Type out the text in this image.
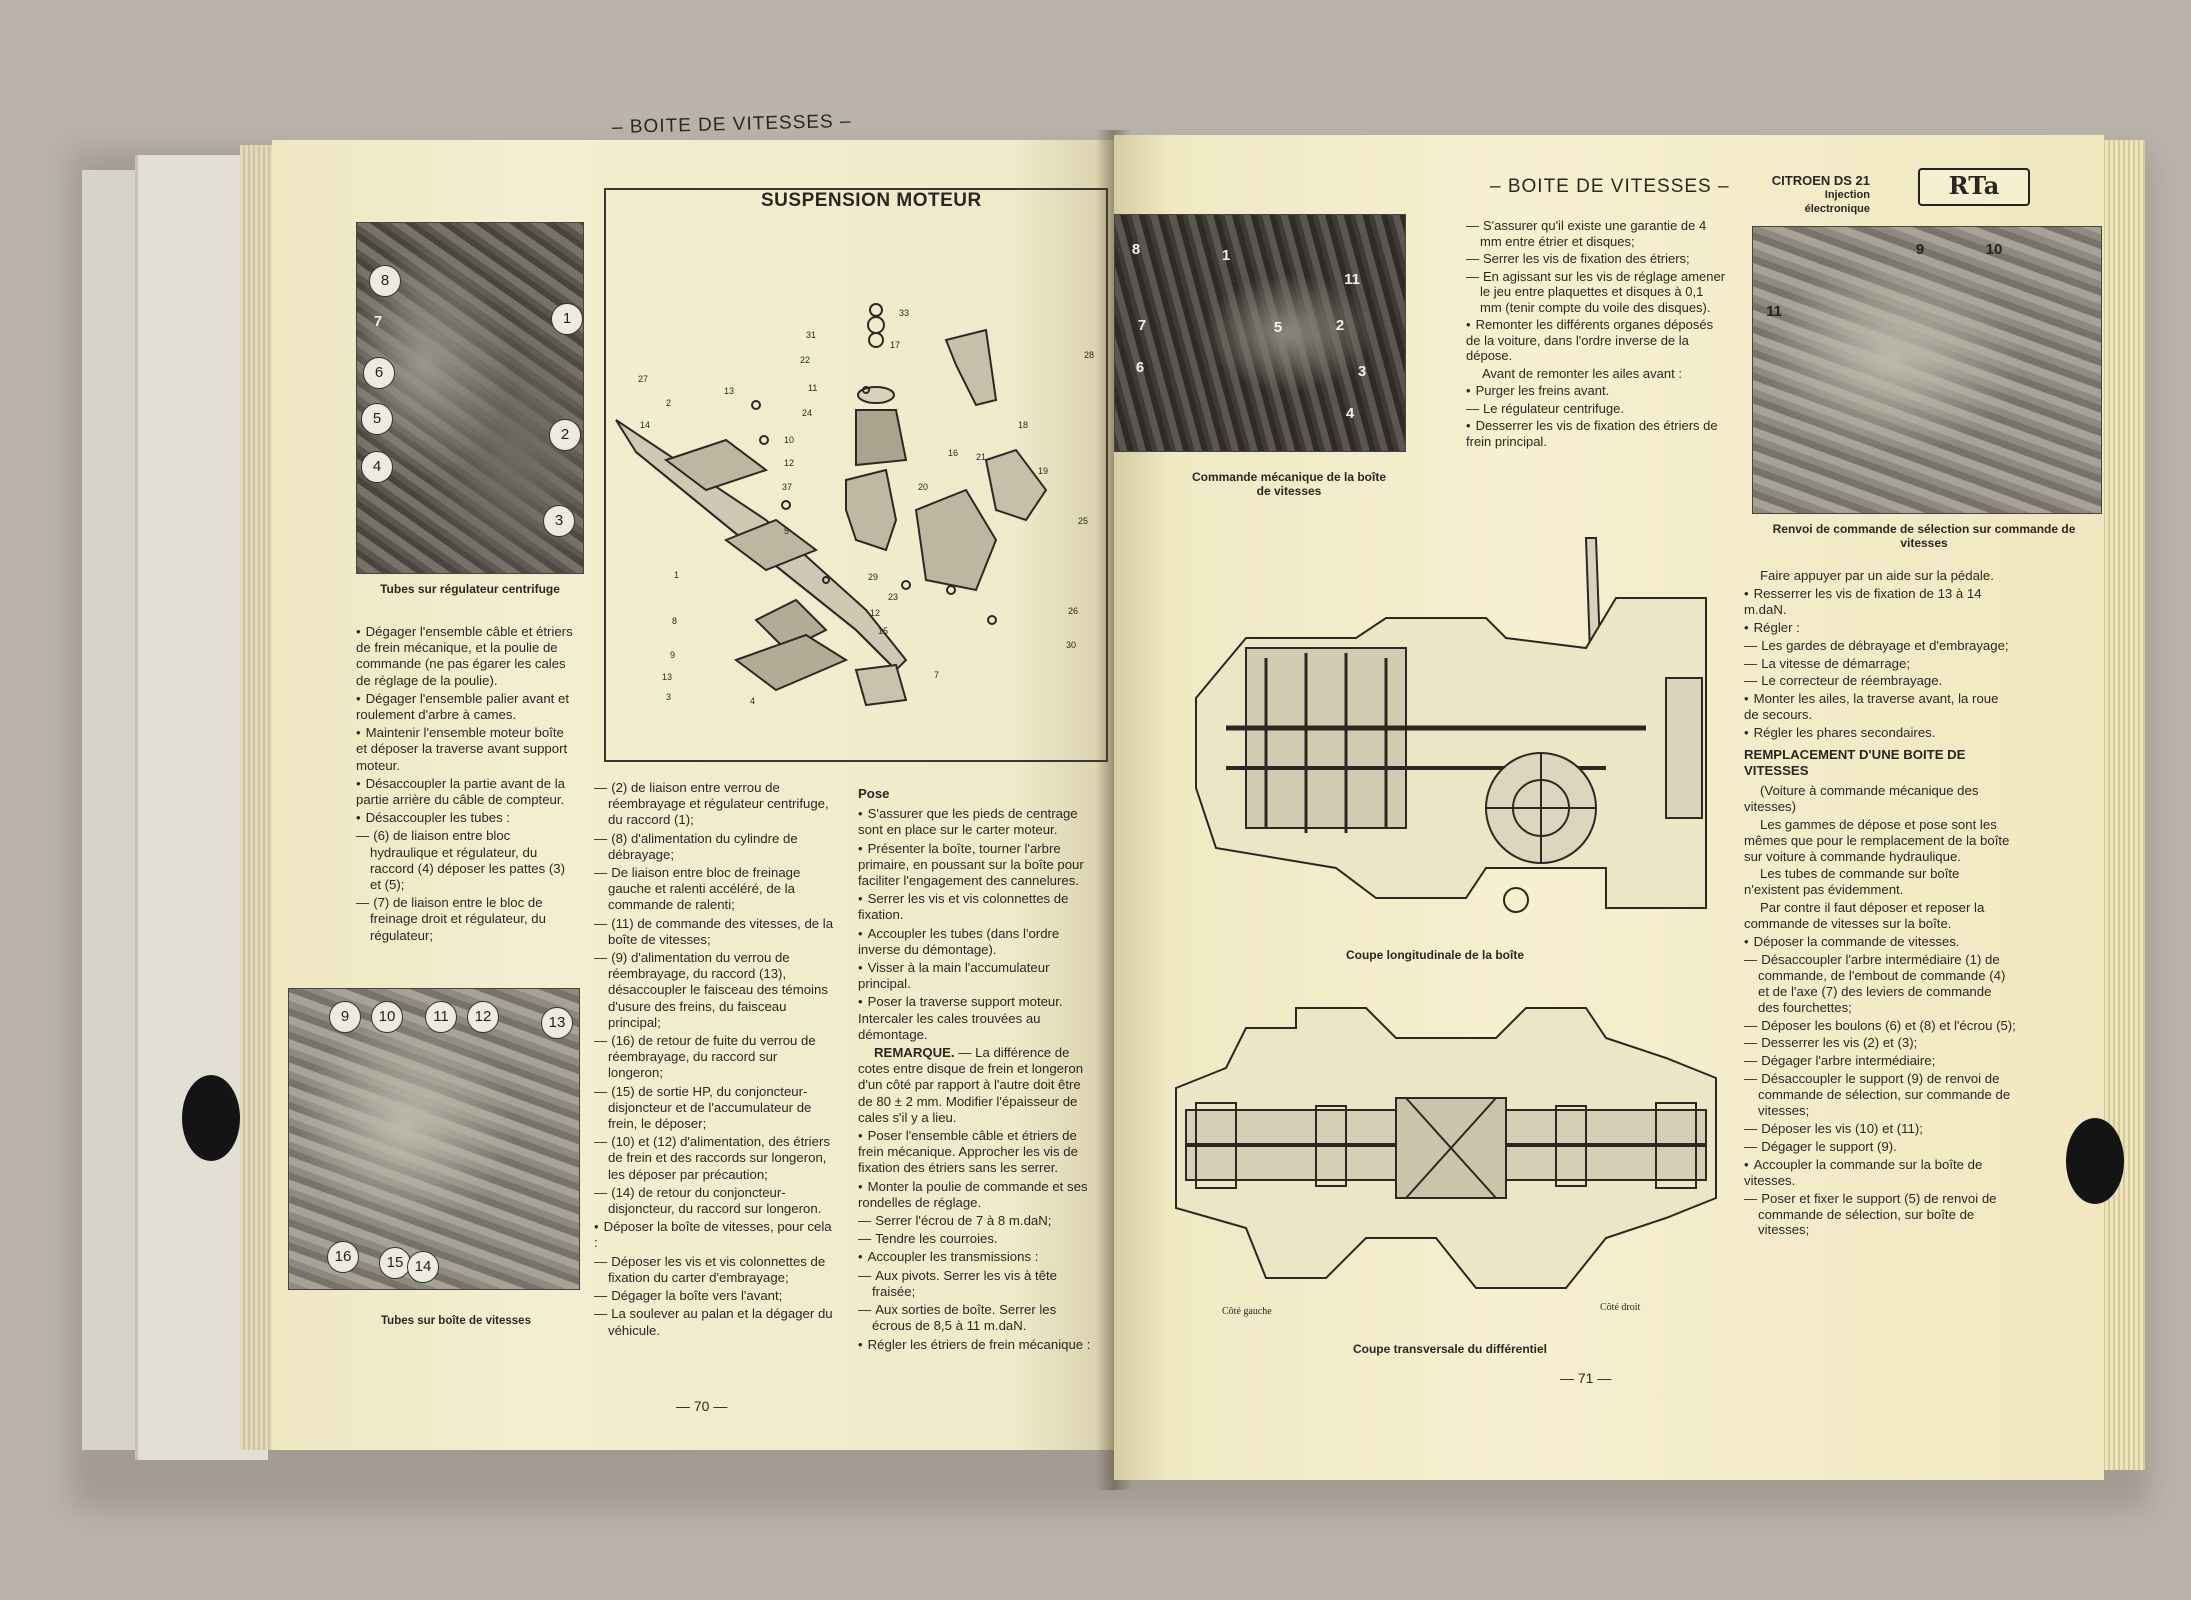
– BOITE DE VITESSES –
8
7
6
5
4
1
2
3
Tubes sur régulateur centrifuge
SUSPENSION MOTEUR
33
17
31
22
11
24
10
12
13
27
14
37
16
19
18
20
21
2
5
1
8
9
13
3	4
12
15
7
29
23
25
28
30
26

• Dégager l'ensemble câble et étriers de frein mécanique, et la poulie de commande (ne pas égarer les cales de réglage de la poulie).

• Dégager l'ensemble palier avant et roulement d'arbre à cames.

• Maintenir l'ensemble moteur boîte et déposer la traverse avant support moteur.

• Désaccoupler la partie avant de la partie arrière du câble de compteur.

• Désaccoupler les tubes :

— (6) de liaison entre bloc hydraulique et régulateur, du raccord (4) déposer les pattes (3) et (5);

— (7) de liaison entre le bloc de freinage droit et régulateur, du régulateur;

9	10	11	12	13
16	15 14
Tubes sur boîte de vitesses

— (2) de liaison entre verrou de réembrayage et régulateur centrifuge, du raccord (1);

— (8) d'alimentation du cylindre de débrayage;

— De liaison entre bloc de freinage gauche et ralenti accéléré, de la commande de ralenti;

— (11) de commande des vitesses, de la boîte de vitesses;

— (9) d'alimentation du verrou de réembrayage, du raccord (13), désaccoupler le faisceau des témoins d'usure des freins, du faisceau principal;

— (16) de retour de fuite du verrou de réembrayage, du raccord sur longeron;

— (15) de sortie HP, du conjoncteur-disjoncteur et de l'accumulateur de frein, le déposer;

— (10) et (12) d'alimentation, des étriers de frein et des raccords sur longeron, les déposer par précaution;

— (14) de retour du conjoncteur-disjoncteur, du raccord sur longeron.

• Déposer la boîte de vitesses, pour cela :

— Déposer les vis et vis colonnettes de fixation du carter d'embrayage;

— Dégager la boîte vers l'avant;

— La soulever au palan et la dégager du véhicule.

Pose

• S'assurer que les pieds de centrage sont en place sur le carter moteur.

• Présenter la boîte, tourner l'arbre primaire, en poussant sur la boîte pour faciliter l'engagement des cannelures.

• Serrer les vis et vis colonnettes de fixation.

• Accoupler les tubes (dans l'ordre inverse du démontage).

• Visser à la main l'accumulateur principal.

• Poser la traverse support moteur. Intercaler les cales trouvées au démontage.

REMARQUE. — La différence de cotes entre disque de frein et longeron d'un côté par rapport à l'autre doit être de 80 ± 2 mm. Modifier l'épaisseur de cales s'il y a lieu.

• Poser l'ensemble câble et étriers de frein mécanique. Approcher les vis de fixation des étriers sans les serrer.

• Monter la poulie de commande et ses rondelles de réglage.

— Serrer l'écrou de 7 à 8 m.daN;

— Tendre les courroies.

• Accoupler les transmissions :

— Aux pivots. Serrer les vis à tête fraisée;

— Aux sorties de boîte. Serrer les écrous de 8,5 à 11 m.daN.

• Régler les étriers de frein mécanique :

— 70 —
– BOITE DE VITESSES –	CITROEN DS 21
Injection électronique
RTa
8	1
7
6
5
11
2
3
4
Commande mécanique de la boîte de vitesses

— S'assurer qu'il existe une garantie de 4 mm entre étrier et disques;

— Serrer les vis de fixation des étriers;

— En agissant sur les vis de réglage amener le jeu entre plaquettes et disques à 0,1 mm (tenir compte du voile des disques).

• Remonter les différents organes déposés de la voiture, dans l'ordre inverse de la dépose.

Avant de remonter les ailes avant :

• Purger les freins avant.

— Le régulateur centrifuge.

• Desserrer les vis de fixation des étriers de frein principal.

9	10
11
Renvoi de commande de sélection sur commande de vitesses
Coupe longitudinale de la boîte
Côté gauche	Côté droit
Coupe transversale du différentiel

Faire appuyer par un aide sur la pédale.

• Resserrer les vis de fixation de 13 à 14 m.daN.

• Régler :

— Les gardes de débrayage et d'embrayage;

— La vitesse de démarrage;

— Le correcteur de réembrayage.

• Monter les ailes, la traverse avant, la roue de secours.

• Régler les phares secondaires.

REMPLACEMENT D'UNE BOITE DE VITESSES

(Voiture à commande mécanique des vitesses)

Les gammes de dépose et pose sont les mêmes que pour le remplacement de la boîte sur voiture à commande hydraulique.

Les tubes de commande sur boîte n'existent pas évidemment.

Par contre il faut déposer et reposer la commande de vitesses sur la boîte.

• Déposer la commande de vitesses.

— Désaccoupler l'arbre intermédiaire (1) de commande, de l'embout de commande (4) et de l'axe (7) des leviers de commande des fourchettes;

— Déposer les boulons (6) et (8) et l'écrou (5);

— Desserrer les vis (2) et (3);

— Dégager l'arbre intermédiaire;

— Désaccoupler le support (9) de renvoi de commande de sélection, sur commande de vitesses;

— Déposer les vis (10) et (11);

— Dégager le support (9).

• Accoupler la commande sur la boîte de vitesses.

— Poser et fixer le support (5) de renvoi de commande de sélection, sur boîte de vitesses;

— 71 —
